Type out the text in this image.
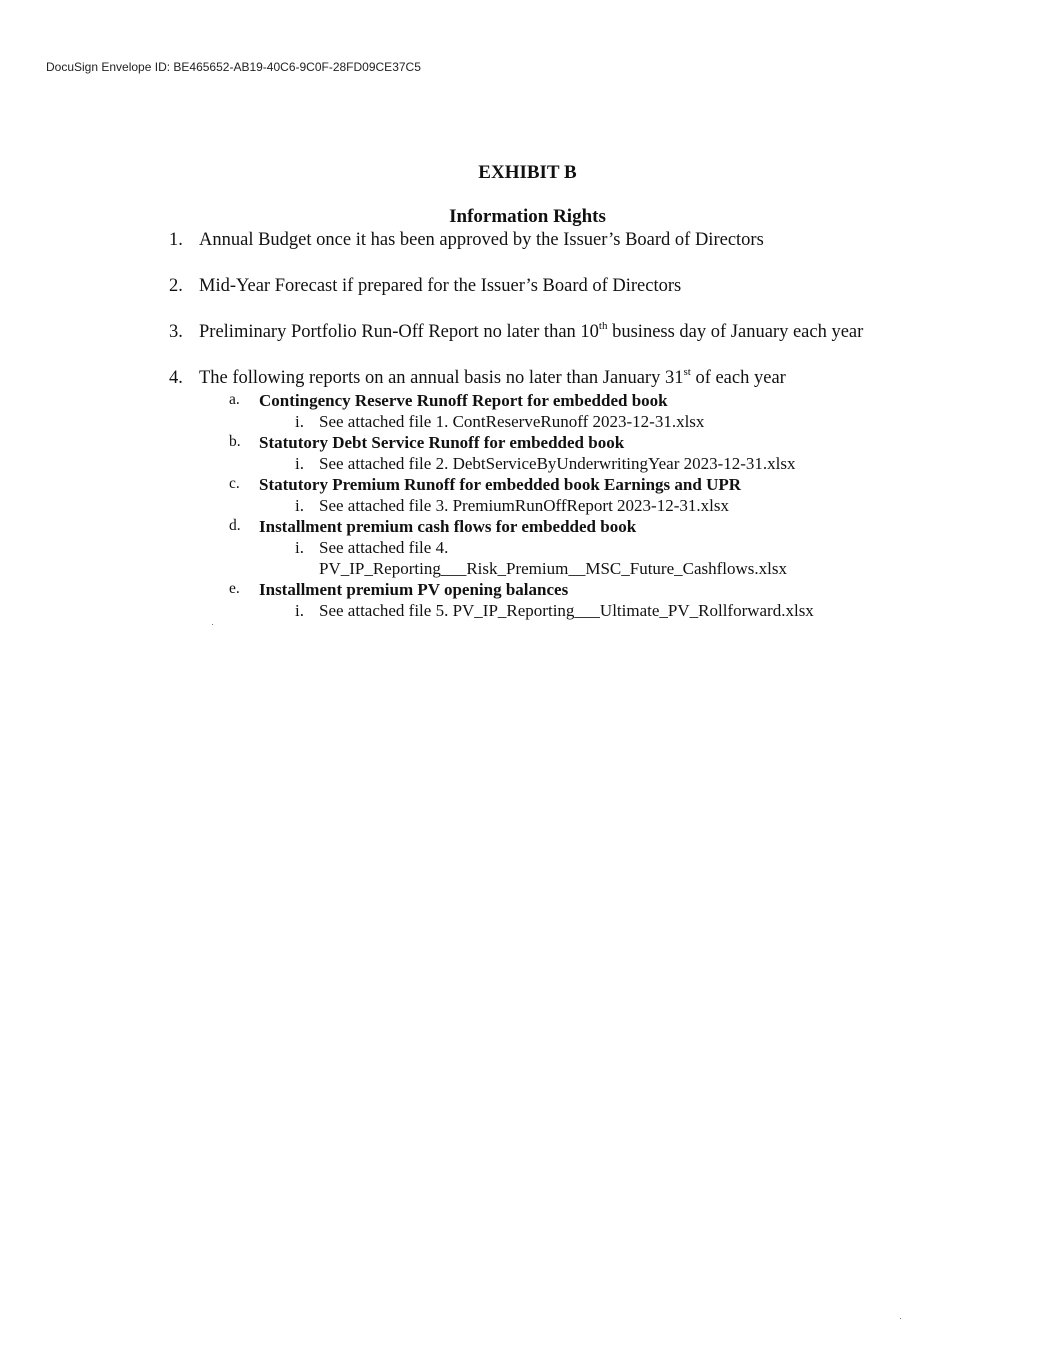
DocuSign Envelope ID: BE465652-AB19-40C6-9C0F-28FD09CE37C5
EXHIBIT B
Information Rights
1. Annual Budget once it has been approved by the Issuer’s Board of Directors
2. Mid-Year Forecast if prepared for the Issuer’s Board of Directors
3. Preliminary Portfolio Run-Off Report no later than 10th business day of January each year
4. The following reports on an annual basis no later than January 31st of each year
a. Contingency Reserve Runoff Report for embedded book
i. See attached file 1. ContReserveRunoff 2023-12-31.xlsx
b. Statutory Debt Service Runoff for embedded book
i. See attached file 2. DebtServiceByUnderwritingYear 2023-12-31.xlsx
c. Statutory Premium Runoff for embedded book Earnings and UPR
i. See attached file 3. PremiumRunOffReport 2023-12-31.xlsx
d. Installment premium cash flows for embedded book
i. See attached file 4.
PV_IP_Reporting___Risk_Premium__MSC_Future_Cashflows.xlsx
e. Installment premium PV opening balances
i. See attached file 5. PV_IP_Reporting___Ultimate_PV_Rollforward.xlsx
